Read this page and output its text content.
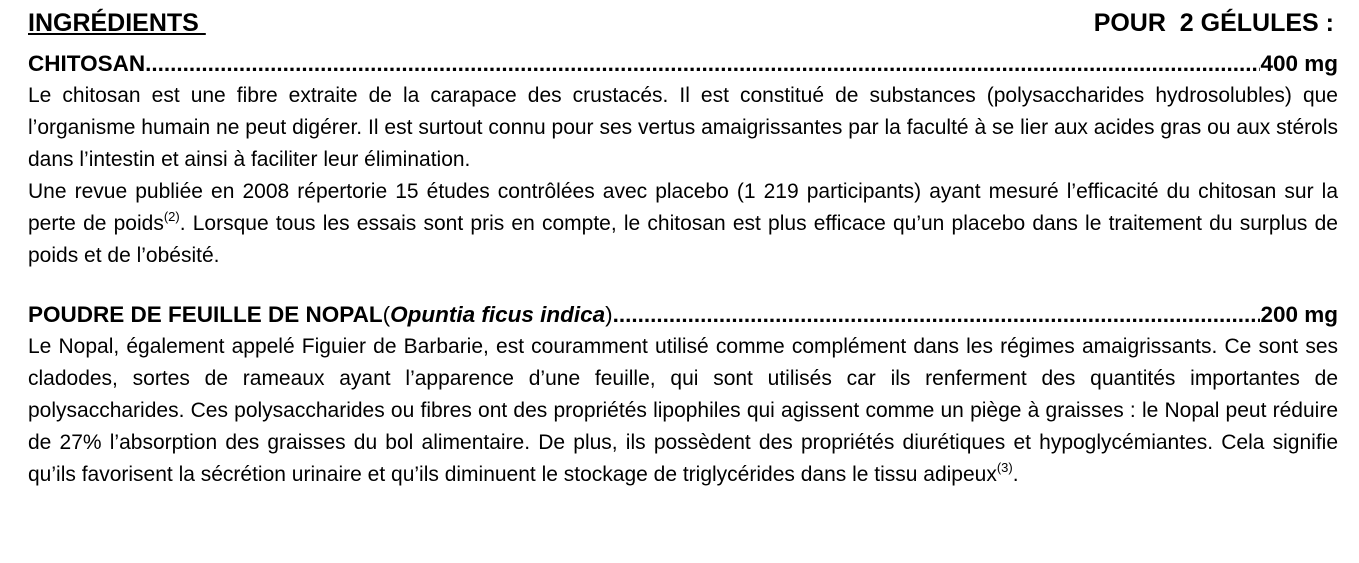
INGRÉDIENTS	POUR  2 GÉLULES :
CHITOSAN .....	400 mg

Le chitosan est une fibre extraite de la carapace des crustacés. Il est constitué de substances (polysaccharides hydrosolubles) que l’organisme humain ne peut digérer. Il est surtout connu pour ses vertus amaigrissantes par la faculté à se lier aux acides gras ou aux stérols dans l’intestin et ainsi à faciliter leur élimination.

Une revue publiée en 2008 répertorie 15 études contrôlées avec placebo (1 219 participants) ayant mesuré l’efficacité du chitosan sur la perte de poids$^{(2)}$. Lorsque tous les essais sont pris en compte, le chitosan est plus efficace qu’un placebo dans le traitement du surplus de poids et de l’obésité.

POUDRE DE FEUILLE DE NOPAL (Opuntia ficus indica) .....	200 mg

Le Nopal, également appelé Figuier de Barbarie, est couramment utilisé comme complément dans les régimes amaigrissants. Ce sont ses cladodes, sortes de rameaux ayant l’apparence d’une feuille, qui sont utilisés car ils renferment des quantités importantes de polysaccharides. Ces polysaccharides ou fibres ont des propriétés lipophiles qui agissent comme un piège à graisses : le Nopal peut réduire de 27% l’absorption des graisses du bol alimentaire. De plus, ils possèdent des propriétés diurétiques et hypoglycémiantes. Cela signifie qu’ils favorisent la sécrétion urinaire et qu’ils diminuent le stockage de triglycérides dans le tissu adipeux$^{(3)}$.
